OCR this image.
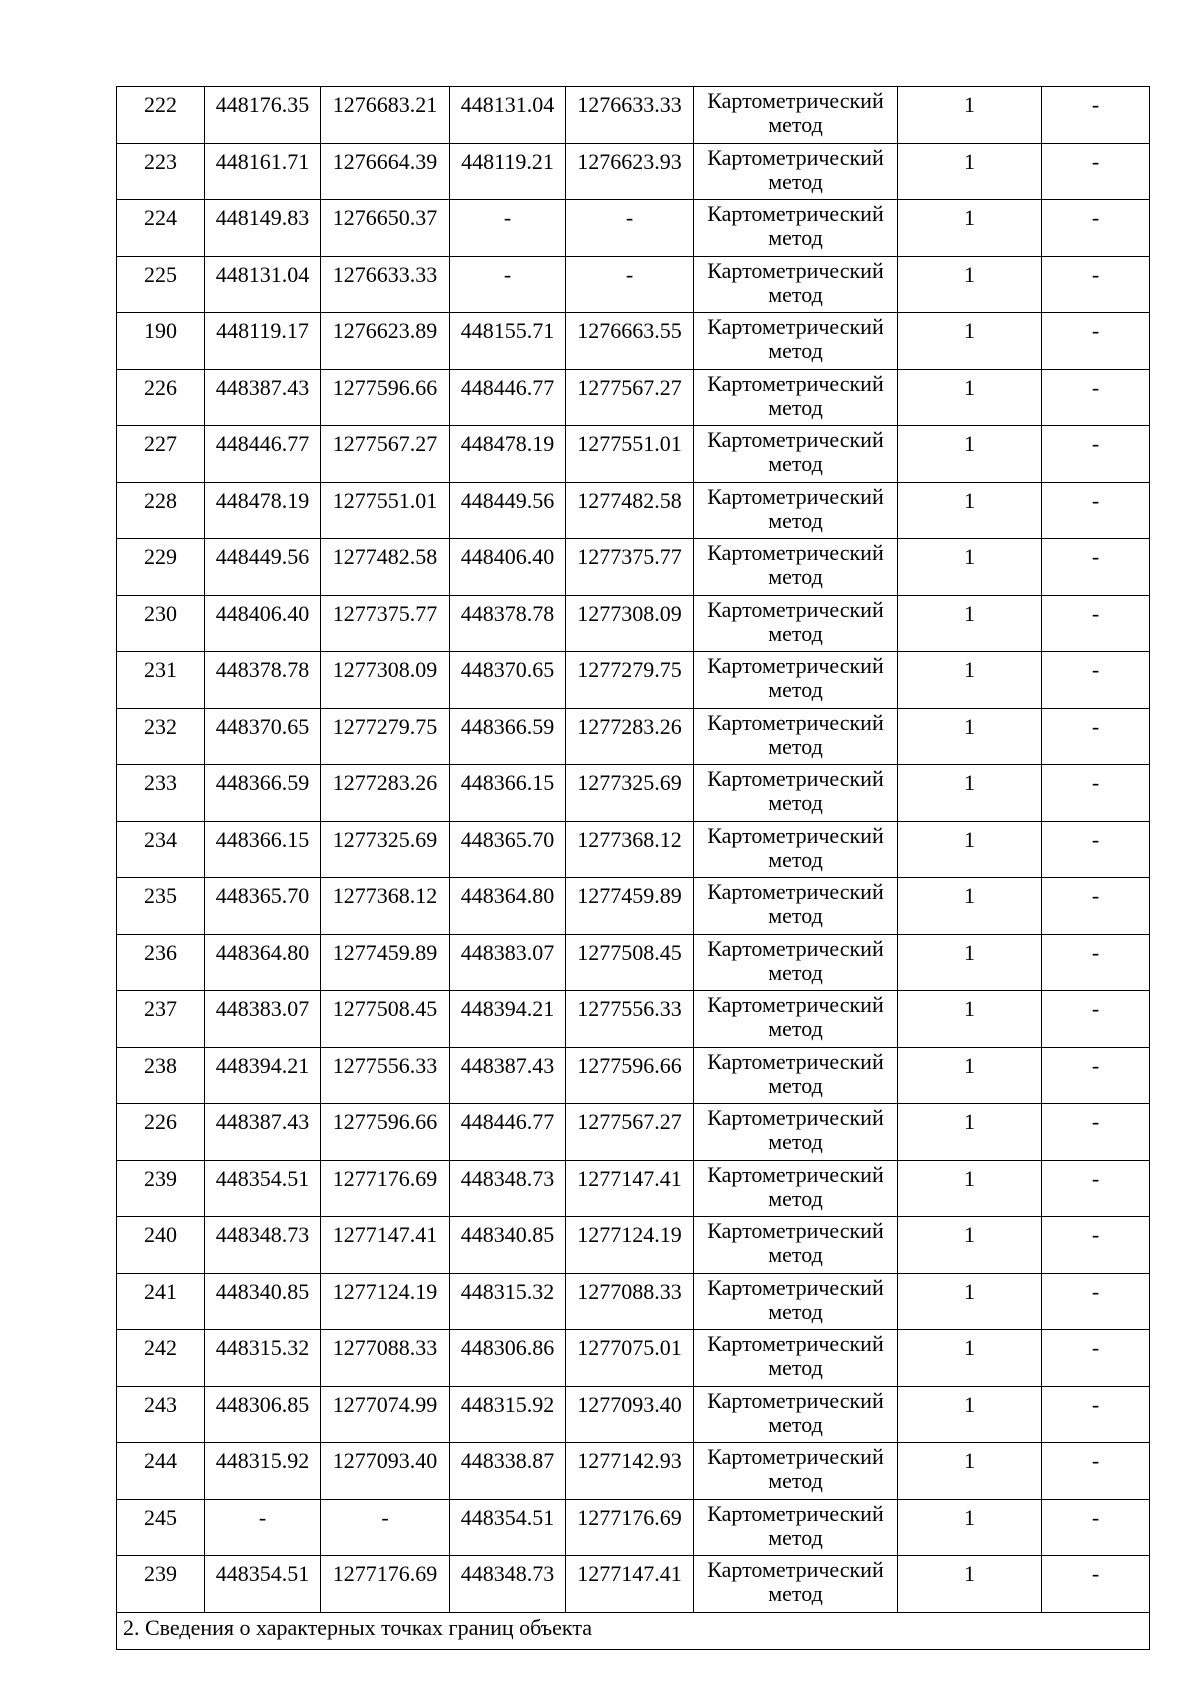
222	448176.35	1276683.21	448131.04	1276633.33	Картометрический
метод	1	-
223	448161.71	1276664.39	448119.21	1276623.93	Картометрический
метод	1	-
224	448149.83	1276650.37	-	-	Картометрический
метод	1	-
225	448131.04	1276633.33	-	-	Картометрический
метод	1	-
190	448119.17	1276623.89	448155.71	1276663.55	Картометрический
метод	1	-
226	448387.43	1277596.66	448446.77	1277567.27	Картометрический
метод	1	-
227	448446.77	1277567.27	448478.19	1277551.01	Картометрический
метод	1	-
228	448478.19	1277551.01	448449.56	1277482.58	Картометрический
метод	1	-
229	448449.56	1277482.58	448406.40	1277375.77	Картометрический
метод	1	-
230	448406.40	1277375.77	448378.78	1277308.09	Картометрический
метод	1	-
231	448378.78	1277308.09	448370.65	1277279.75	Картометрический
метод	1	-
232	448370.65	1277279.75	448366.59	1277283.26	Картометрический
метод	1	-
233	448366.59	1277283.26	448366.15	1277325.69	Картометрический
метод	1	-
234	448366.15	1277325.69	448365.70	1277368.12	Картометрический
метод	1	-
235	448365.70	1277368.12	448364.80	1277459.89	Картометрический
метод	1	-
236	448364.80	1277459.89	448383.07	1277508.45	Картометрический
метод	1	-
237	448383.07	1277508.45	448394.21	1277556.33	Картометрический
метод	1	-
238	448394.21	1277556.33	448387.43	1277596.66	Картометрический
метод	1	-
226	448387.43	1277596.66	448446.77	1277567.27	Картометрический
метод	1	-
239	448354.51	1277176.69	448348.73	1277147.41	Картометрический
метод	1	-
240	448348.73	1277147.41	448340.85	1277124.19	Картометрический
метод	1	-
241	448340.85	1277124.19	448315.32	1277088.33	Картометрический
метод	1	-
242	448315.32	1277088.33	448306.86	1277075.01	Картометрический
метод	1	-
243	448306.85	1277074.99	448315.92	1277093.40	Картометрический
метод	1	-
244	448315.92	1277093.40	448338.87	1277142.93	Картометрический
метод	1	-
245	-	-	448354.51	1277176.69	Картометрический
метод	1	-
239	448354.51	1277176.69	448348.73	1277147.41	Картометрический
метод	1	-
2. Сведения о характерных точках границ объекта							
